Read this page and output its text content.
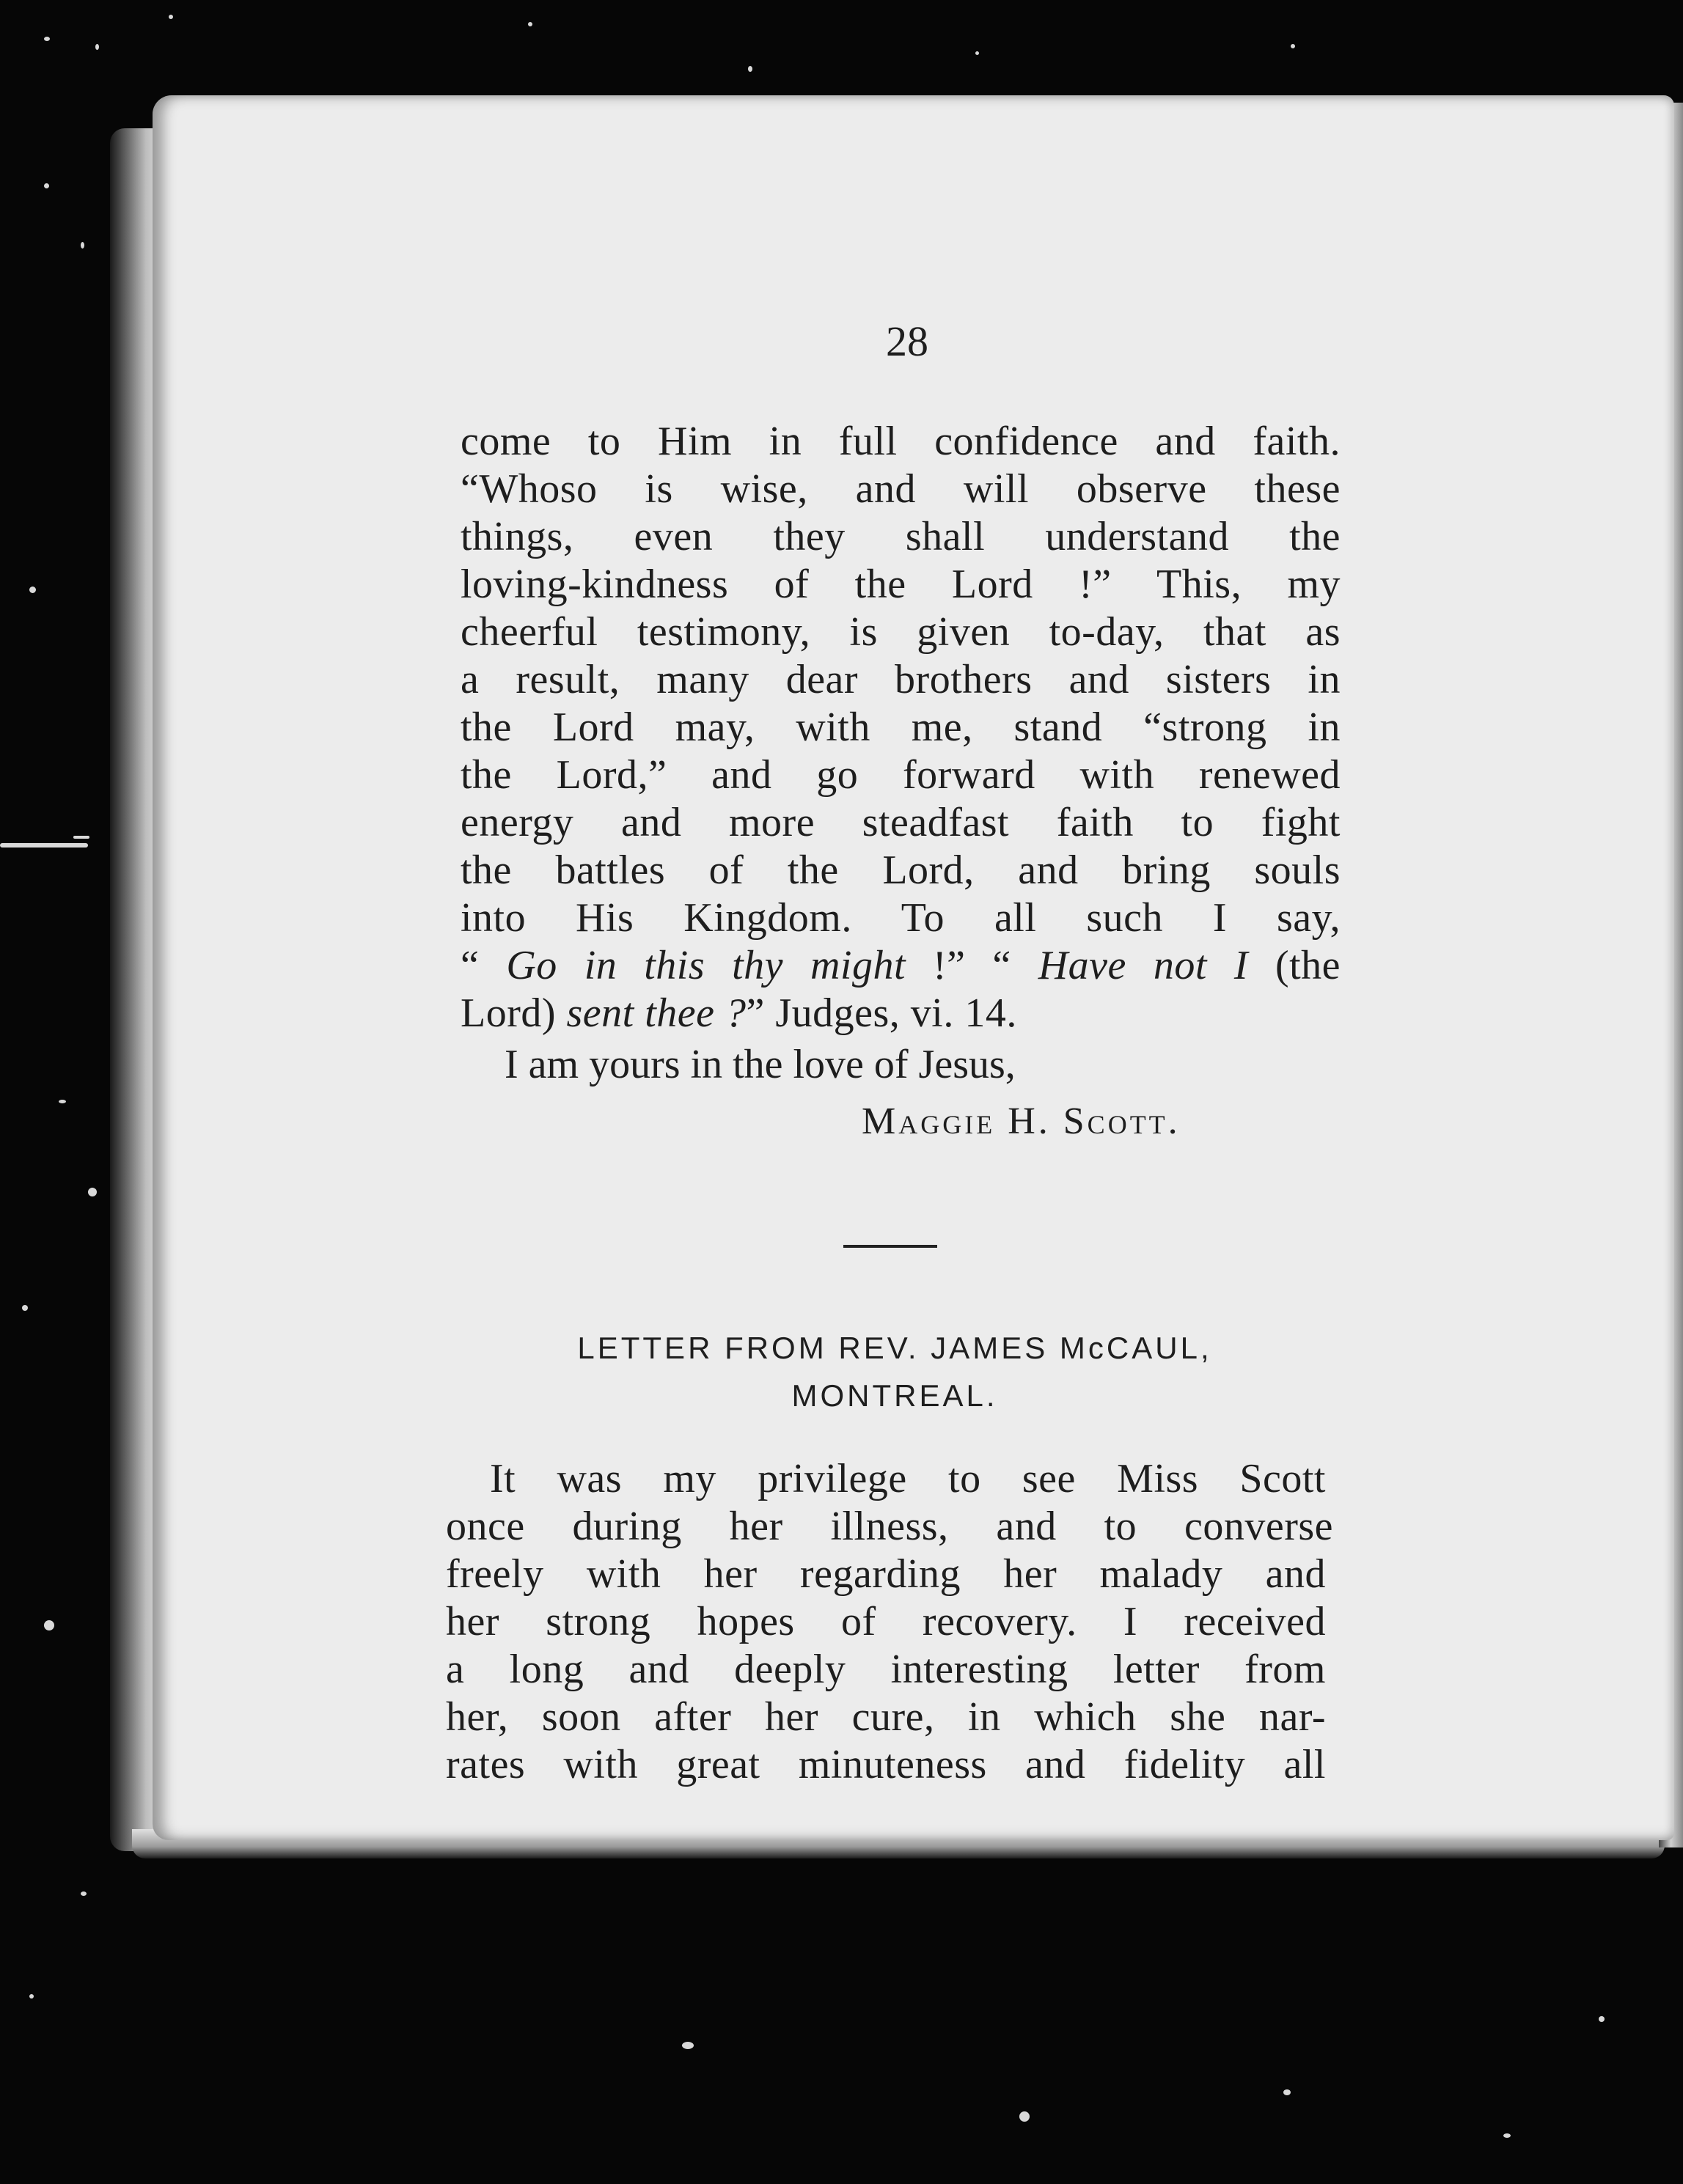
28
come to Him in full confidence and faith.
“Whoso is wise, and will observe these
things, even they shall understand the
loving-kindness of the Lord !” This, my
cheerful testimony, is given to-day, that as
a result, many dear brothers and sisters in
the Lord may, with me, stand “strong in
the Lord,” and go forward with renewed
energy and more steadfast faith to fight
the battles of the Lord, and bring souls
into His Kingdom. To all such I say,
“ Go in this thy might !” “ Have not I (the
Lord) sent thee ?” Judges, vi. 14.
I am yours in the love of Jesus,
Maggie H. Scott.
LETTER FROM REV. JAMES McCAUL,
MONTREAL.
It was my privilege to see Miss Scott
once during her illness, and to converse
freely with her regarding her malady and
her strong hopes of recovery. I received
a long and deeply interesting letter from
her, soon after her cure, in which she nar-
rates with great minuteness and fidelity all
